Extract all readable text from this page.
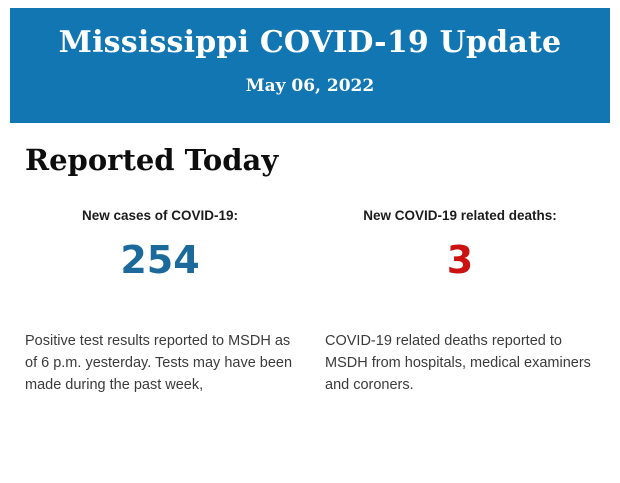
Mississippi COVID-19 Update
May 06, 2022
Reported Today
New cases of COVID-19:
254

Positive test results reported to MSDH as of 6 p.m. yesterday. Tests may have been made during the past week,

New COVID-19 related deaths:
3

COVID-19 related deaths reported to MSDH from hospitals, medical examiners and coroners.
